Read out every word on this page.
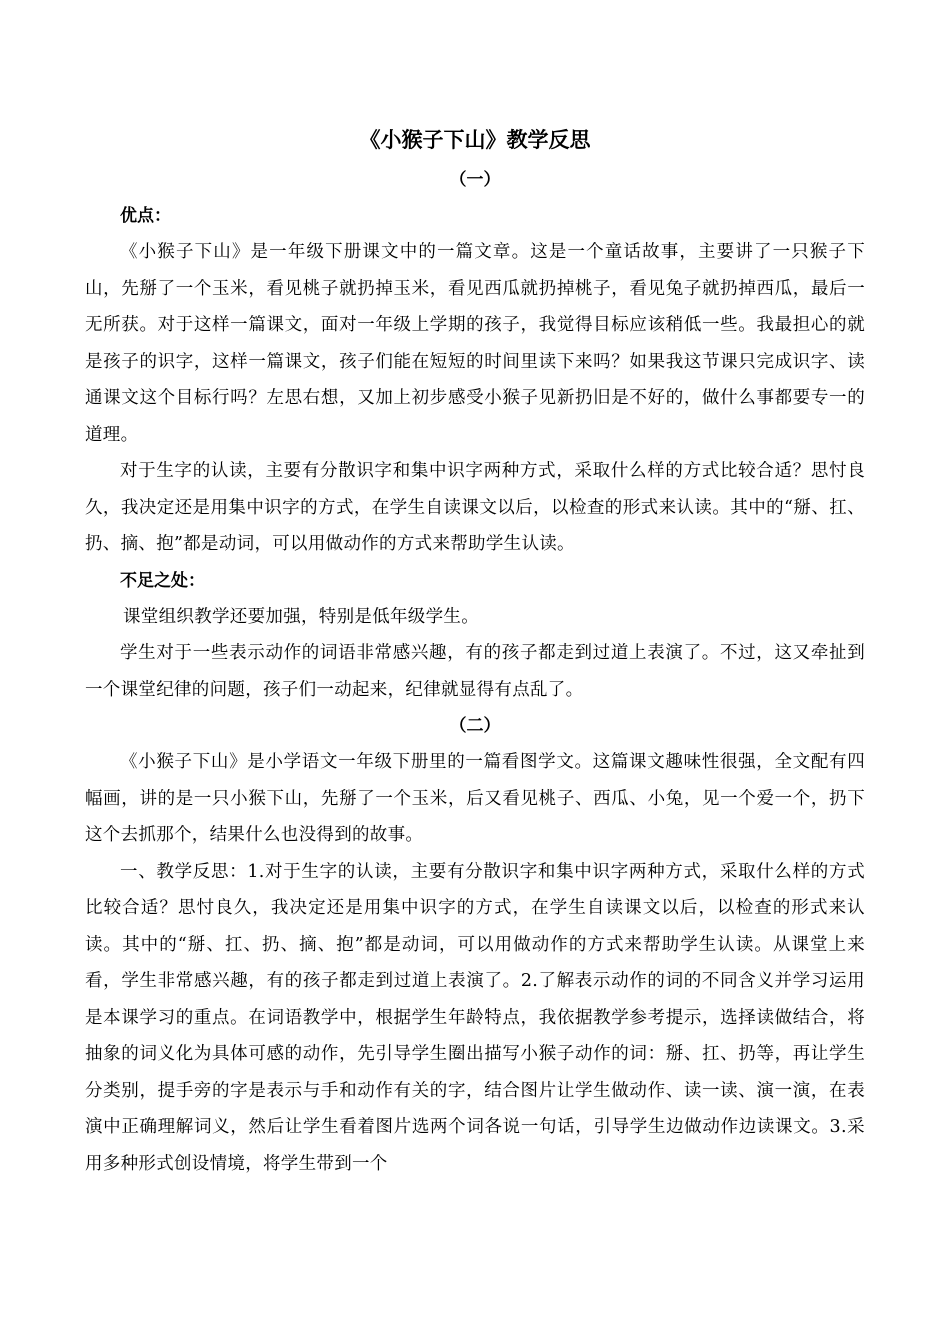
《小猴子下山》教学反思
（一）
优点：

《小猴子下山》是一年级下册课文中的一篇文章。这是一个童话故事，主要讲了一只猴子下山，先掰了一个玉米，看见桃子就扔掉玉米，看见西瓜就扔掉桃子，看见兔子就扔掉西瓜，最后一无所获。对于这样一篇课文，面对一年级上学期的孩子，我觉得目标应该稍低一些。我最担心的就是孩子的识字，这样一篇课文，孩子们能在短短的时间里读下来吗？如果我这节课只完成识字、读通课文这个目标行吗？左思右想，又加上初步感受小猴子见新扔旧是不好的，做什么事都要专一的道理。

对于生字的认读，主要有分散识字和集中识字两种方式，采取什么样的方式比较合适？思忖良久，我决定还是用集中识字的方式，在学生自读课文以后，以检查的形式来认读。其中的“掰、扛、扔、摘、抱”都是动词，可以用做动作的方式来帮助学生认读。

不足之处：

课堂组织教学还要加强，特别是低年级学生。

学生对于一些表示动作的词语非常感兴趣，有的孩子都走到过道上表演了。不过，这又牵扯到一个课堂纪律的问题，孩子们一动起来，纪律就显得有点乱了。

（二）

《小猴子下山》是小学语文一年级下册里的一篇看图学文。这篇课文趣味性很强，全文配有四幅画，讲的是一只小猴下山，先掰了一个玉米，后又看见桃子、西瓜、小兔，见一个爱一个，扔下这个去抓那个，结果什么也没得到的故事。

一、教学反思：1.对于生字的认读，主要有分散识字和集中识字两种方式，采取什么样的方式比较合适？思忖良久，我决定还是用集中识字的方式，在学生自读课文以后，以检查的形式来认读。其中的“掰、扛、扔、摘、抱”都是动词，可以用做动作的方式来帮助学生认读。从课堂上来看，学生非常感兴趣，有的孩子都走到过道上表演了。2.了解表示动作的词的不同含义并学习运用是本课学习的重点。在词语教学中，根据学生年龄特点，我依据教学参考提示，选择读做结合，将抽象的词义化为具体可感的动作，先引导学生圈出描写小猴子动作的词：掰、扛、扔等，再让学生分类别，提手旁的字是表示与手和动作有关的字，结合图片让学生做动作、读一读、演一演，在表演中正确理解词义，然后让学生看着图片选两个词各说一句话，引导学生边做动作边读课文。3.采用多种形式创设情境，将学生带到一个
